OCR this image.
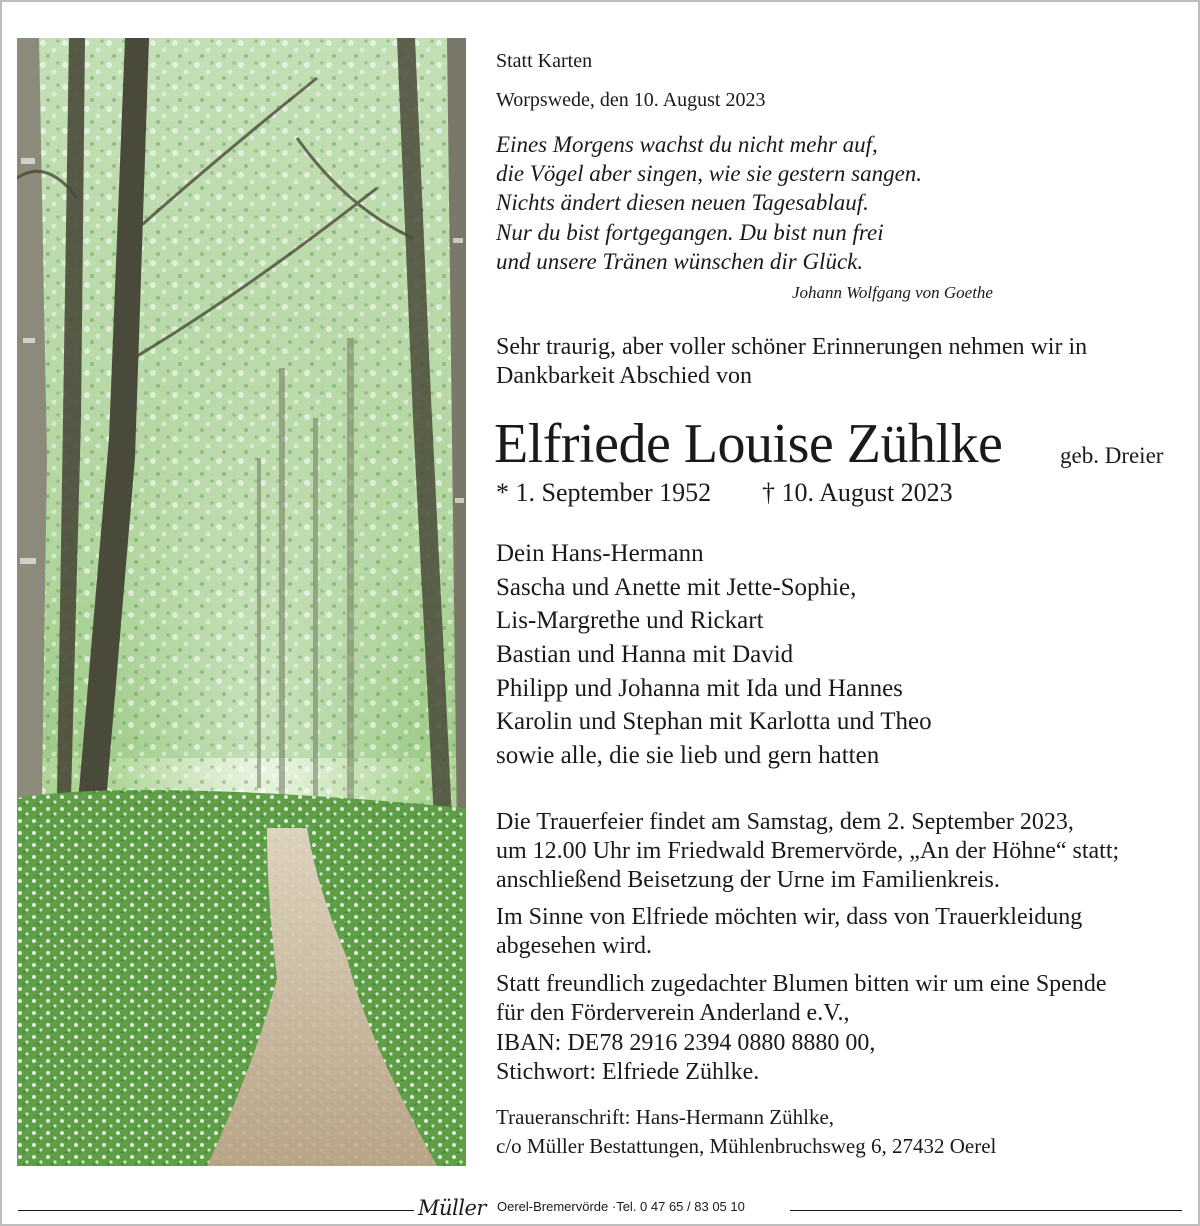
Statt Karten
Worpswede, den 10. August 2023
Eines Morgens wachst du nicht mehr auf,
die Vögel aber singen, wie sie gestern sangen.
Nichts ändert diesen neuen Tagesablauf.
Nur du bist fortgegangen. Du bist nun frei
und unsere Tränen wünschen dir Glück.
Johann Wolfgang von Goethe
Sehr traurig, aber voller schöner Erinnerungen nehmen wir in
Dankbarkeit Abschied von
Elfriede Louise Zühlke	geb. Dreier
* 1. September 1952 † 10. August 2023
Dein Hans-Hermann
Sascha und Anette mit Jette-Sophie,
Lis-Margrethe und Rickart
Bastian und Hanna mit David
Philipp und Johanna mit Ida und Hannes
Karolin und Stephan mit Karlotta und Theo
sowie alle, die sie lieb und gern hatten
Die Trauerfeier findet am Samstag, dem 2. September 2023,
um 12.00 Uhr im Friedwald Bremervörde, „An der Höhne“ statt;
anschließend Beisetzung der Urne im Familienkreis.
Im Sinne von Elfriede möchten wir, dass von Trauerkleidung
abgesehen wird.
Statt freundlich zugedachter Blumen bitten wir um eine Spende
für den Förderverein Anderland e.V.,
IBAN: DE78 2916 2394 0880 8880 00,
Stichwort: Elfriede Zühlke.
Traueranschrift: Hans-Hermann Zühlke,
c/o Müller Bestattungen, Mühlenbruchsweg 6, 27432 Oerel
Müller Oerel-Bremervörde ·Tel. 0 47 65 / 83 05 10
